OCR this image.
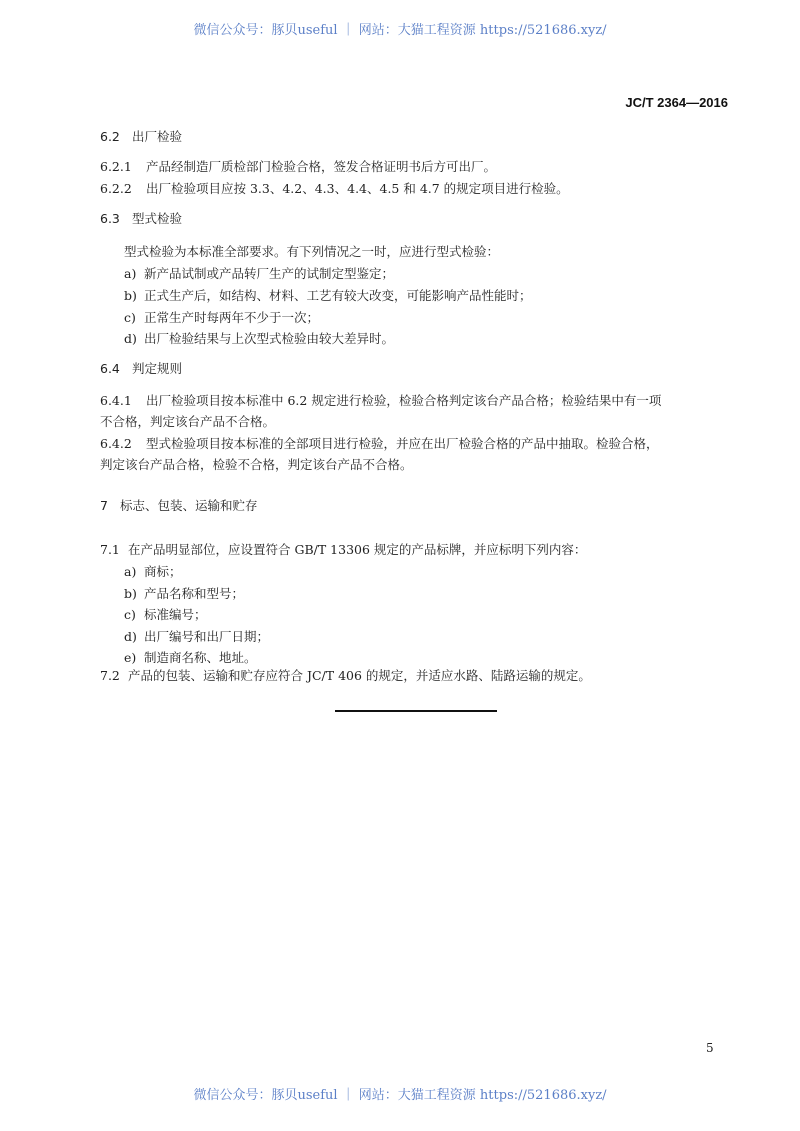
微信公众号：豚贝useful ｜ 网站：大猫工程资源 https://521686.xyz/
JC/T 2364—2016
6.2 出厂检验
6.2.1 产品经制造厂质检部门检验合格，签发合格证明书后方可出厂。
6.2.2 出厂检验项目应按 3.3、4.2、4.3、4.4、4.5 和 4.7 的规定项目进行检验。
6.3 型式检验
型式检验为本标准全部要求。有下列情况之一时，应进行型式检验：
a) 新产品试制或产品转厂生产的试制定型鉴定；
b) 正式生产后，如结构、材料、工艺有较大改变，可能影响产品性能时；
c) 正常生产时每两年不少于一次；
d) 出厂检验结果与上次型式检验由较大差异时。
6.4 判定规则
6.4.1 出厂检验项目按本标准中 6.2 规定进行检验，检验合格判定该台产品合格；检验结果中有一项
不合格，判定该台产品不合格。
6.4.2 型式检验项目按本标准的全部项目进行检验，并应在出厂检验合格的产品中抽取。检验合格，
判定该台产品合格，检验不合格，判定该台产品不合格。
7 标志、包装、运输和贮存
7.1 在产品明显部位，应设置符合 GB/T 13306 规定的产品标牌，并应标明下列内容：
a) 商标；
b) 产品名称和型号；
c) 标准编号；
d) 出厂编号和出厂日期；
e) 制造商名称、地址。
7.2 产品的包装、运输和贮存应符合 JC/T 406 的规定，并适应水路、陆路运输的规定。
5
微信公众号：豚贝useful ｜ 网站：大猫工程资源 https://521686.xyz/
